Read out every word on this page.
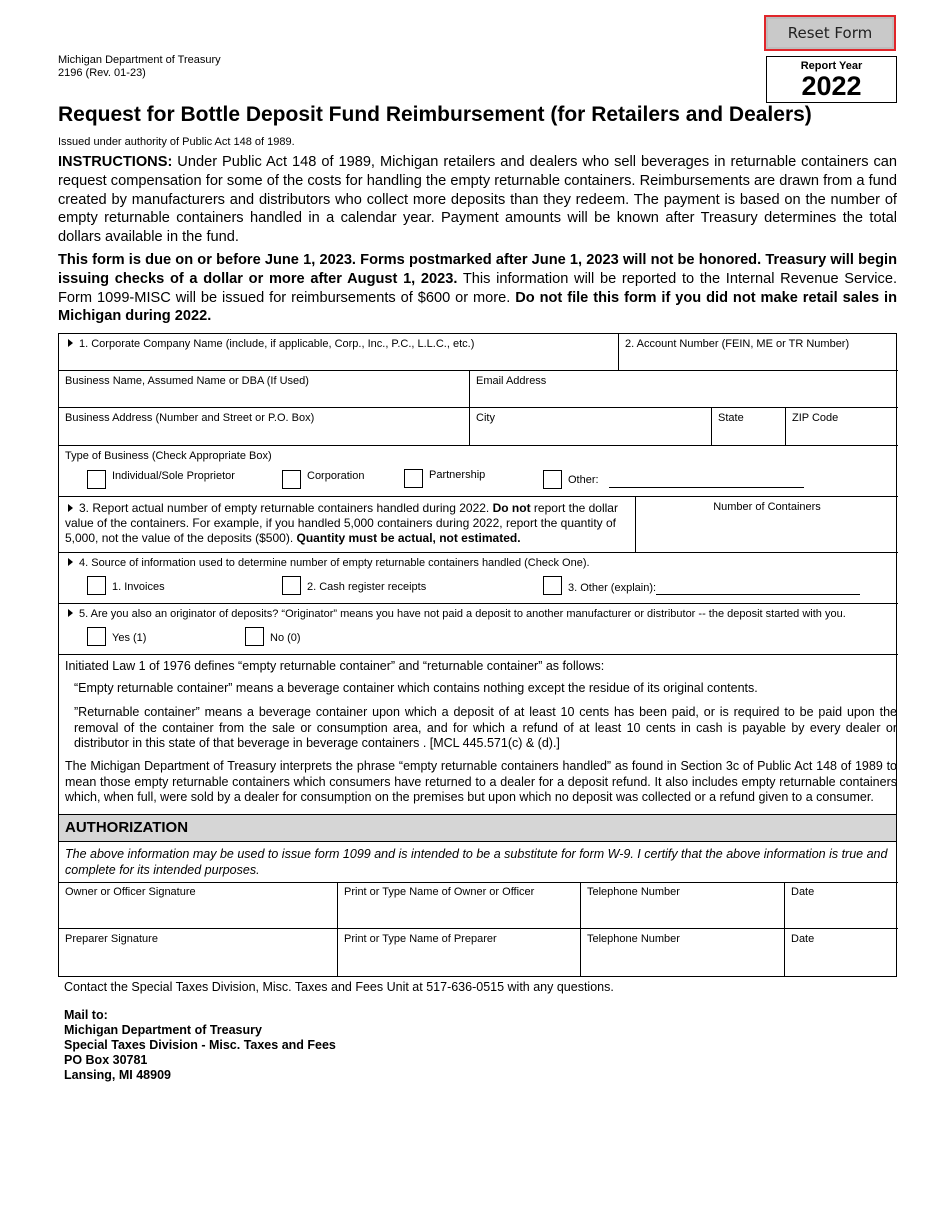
Michigan Department of Treasury
2196 (Rev. 01-23)
Reset Form
Report Year
2022
Request for Bottle Deposit Fund Reimbursement (for Retailers and Dealers)
Issued under authority of Public Act 148 of 1989.
INSTRUCTIONS: Under Public Act 148 of 1989, Michigan retailers and dealers who sell beverages in returnable containers can request compensation for some of the costs for handling the empty returnable containers. Reimbursements are drawn from a fund created by manufacturers and distributors who collect more deposits than they redeem. The payment is based on the number of empty returnable containers handled in a calendar year. Payment amounts will be known after Treasury determines the total dollars available in the fund.
This form is due on or before June 1, 2023. Forms postmarked after June 1, 2023 will not be honored. Treasury will begin issuing checks of a dollar or more after August 1, 2023. This information will be reported to the Internal Revenue Service. Form 1099-MISC will be issued for reimbursements of $600 or more. Do not file this form if you did not make retail sales in Michigan during 2022.
1. Corporate Company Name (include, if applicable, Corp., Inc., P.C., L.L.C., etc.)	2. Account Number (FEIN, ME or TR Number)
Business Name, Assumed Name or DBA (If Used)	Email Address
Business Address (Number and Street or P.O. Box)	City	State	ZIP Code
Type of Business (Check Appropriate Box)
Individual/Sole Proprietor	Corporation	Partnership	Other:
3. Report actual number of empty returnable containers handled during 2022. Do not report the dollar value of the containers. For example, if you handled 5,000 containers during 2022, report the quantity of 5,000, not the value of the deposits ($500). Quantity must be actual, not estimated.
Number of Containers
4. Source of information used to determine number of empty returnable containers handled (Check One).
1. Invoices	2. Cash register receipts	3. Other (explain):
5. Are you also an originator of deposits? “Originator” means you have not paid a deposit to another manufacturer or distributor -- the deposit started with you.
Yes (1)	No (0)
Initiated Law 1 of 1976 defines “empty returnable container” and “returnable container” as follows:
“Empty returnable container” means a beverage container which contains nothing except the residue of its original contents.
”Returnable container” means a beverage container upon which a deposit of at least 10 cents has been paid, or is required to be paid upon the removal of the container from the sale or consumption area, and for which a refund of at least 10 cents in cash is payable by every dealer or distributor in this state of that beverage in beverage containers . [MCL 445.571(c) & (d).]
The Michigan Department of Treasury interprets the phrase “empty returnable containers handled” as found in Section 3c of Public Act 148 of 1989 to mean those empty returnable containers which consumers have returned to a dealer for a deposit refund. It also includes empty returnable containers which, when full, were sold by a dealer for consumption on the premises but upon which no deposit was collected or a refund given to a consumer.
AUTHORIZATION
The above information may be used to issue form 1099 and is intended to be a substitute for form W-9. I certify that the above information is true and complete for its intended purposes.
Owner or Officer Signature	Print or Type Name of Owner or Officer	Telephone Number	Date
Preparer Signature	Print or Type Name of Preparer	Telephone Number	Date
Contact the Special Taxes Division, Misc. Taxes and Fees Unit at 517-636-0515 with any questions.
Mail to:
Michigan Department of Treasury
Special Taxes Division - Misc. Taxes and Fees
PO Box 30781
Lansing, MI 48909
